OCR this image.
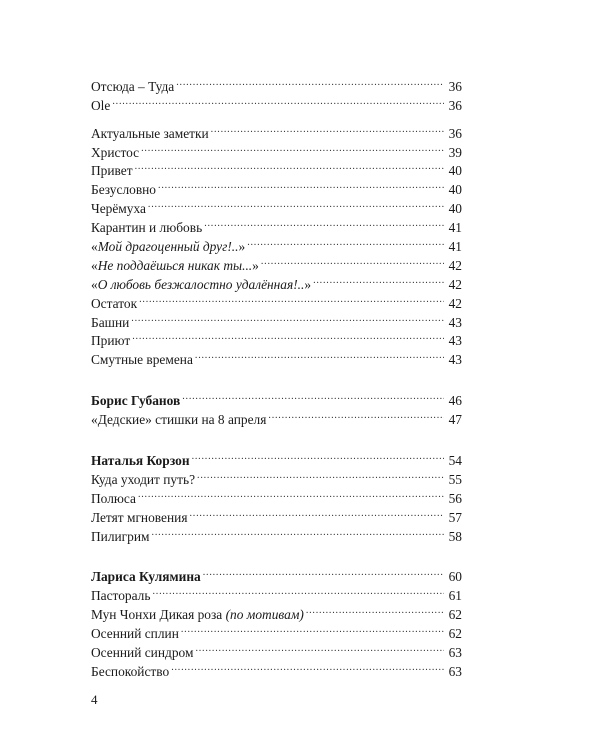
Отсюда – Туда .....	36
Ole .....	36
Актуальные заметки .....	36
Христос .....	39
Привет .....	40
Безусловно .....	40
Черёмуха .....	40
Карантин и любовь .....	41
«Мой драгоценный друг!..» .....	41
«Не поддаёшься никак ты...» .....	42
«О любовь безжалостно удалённая!..» .....	42
Остаток .....	42
Башни .....	43
Приют .....	43
Смутные времена .....	43
Борис Губанов .....	46
«Дедские» стишки на 8 апреля .....	47
Наталья Корзон .....	54
Куда уходит путь? .....	55
Полюса .....	56
Летят мгновения .....	57
Пилигрим .....	58
Лариса Кулямина .....	60
Пастораль .....	61
Мун Чонхи Дикая роза (по мотивам) .....	62
Осенний сплин .....	62
Осенний синдром .....	63
Беспокойство .....	63
4
